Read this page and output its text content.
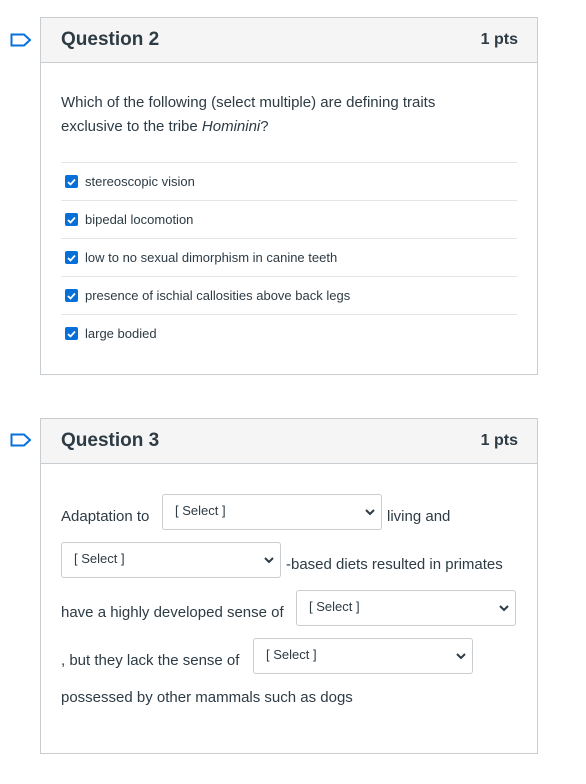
Question 2	1 pts
Which of the following (select multiple) are defining traits exclusive to the tribe Hominini?
stereoscopic vision
bipedal locomotion
low to no sexual dimorphism in canine teeth
presence of ischial callosities above back legs
large bodied
Question 3	1 pts
Adaptation to [ Select ]	living and
[ Select ]	-based diets resulted in primates
have a highly developed sense of [ Select ]
, but they lack the sense of [ Select ]
possessed by other mammals such as dogs
